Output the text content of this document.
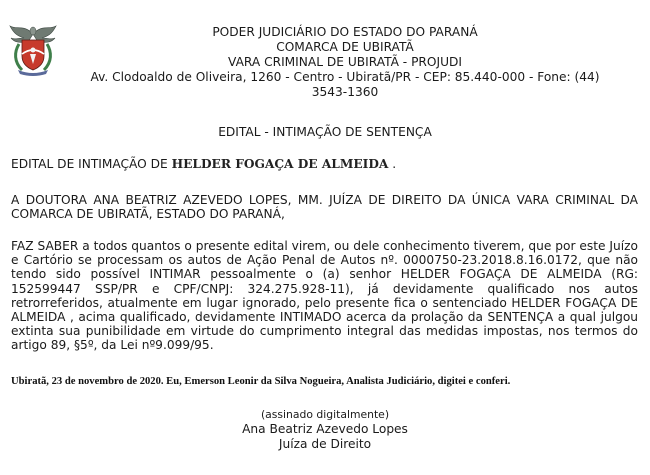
PODER JUDICIÁRIO DO ESTADO DO PARANÁ
COMARCA DE UBIRATÃ
VARA CRIMINAL DE UBIRATÃ - PROJUDI
Av. Clodoaldo de Oliveira, 1260 - Centro - Ubiratã/PR - CEP: 85.440-000 - Fone: (44)
3543-1360
EDITAL - INTIMAÇÃO DE SENTENÇA

EDITAL DE INTIMAÇÃO DE HELDER FOGAÇA DE ALMEIDA .

A DOUTORA ANA BEATRIZ AZEVEDO LOPES, MM. JUÍZA DE DIREITO DA ÚNICA VARA CRIMINAL DA COMARCA DE UBIRATÃ, ESTADO DO PARANÁ,

FAZ SABER a todos quantos o presente edital virem, ou dele conhecimento tiverem, que por este Juízo e Cartório se processam os autos de Ação Penal de Autos nº. 0000750-23.2018.8.16.0172, que não tendo sido possível INTIMAR pessoalmente o (a) senhor HELDER FOGAÇA DE ALMEIDA (RG: 152599447 SSP/PR e CPF/CNPJ: 324.275.928-11), já devidamente qualificado nos autos retrorreferidos, atualmente em lugar ignorado, pelo presente fica o sentenciado HELDER FOGAÇA DE ALMEIDA , acima qualificado, devidamente INTIMADO acerca da prolação da SENTENÇA a qual julgou extinta sua punibilidade em virtude do cumprimento integral das medidas impostas, nos termos do artigo 89, §5º, da Lei nº9.099/95.

Ubiratã, 23 de novembro de 2020. Eu, Emerson Leonir da Silva Nogueira, Analista Judiciário, digitei e conferi.
(assinado digitalmente)
Ana Beatriz Azevedo Lopes
Juíza de Direito
